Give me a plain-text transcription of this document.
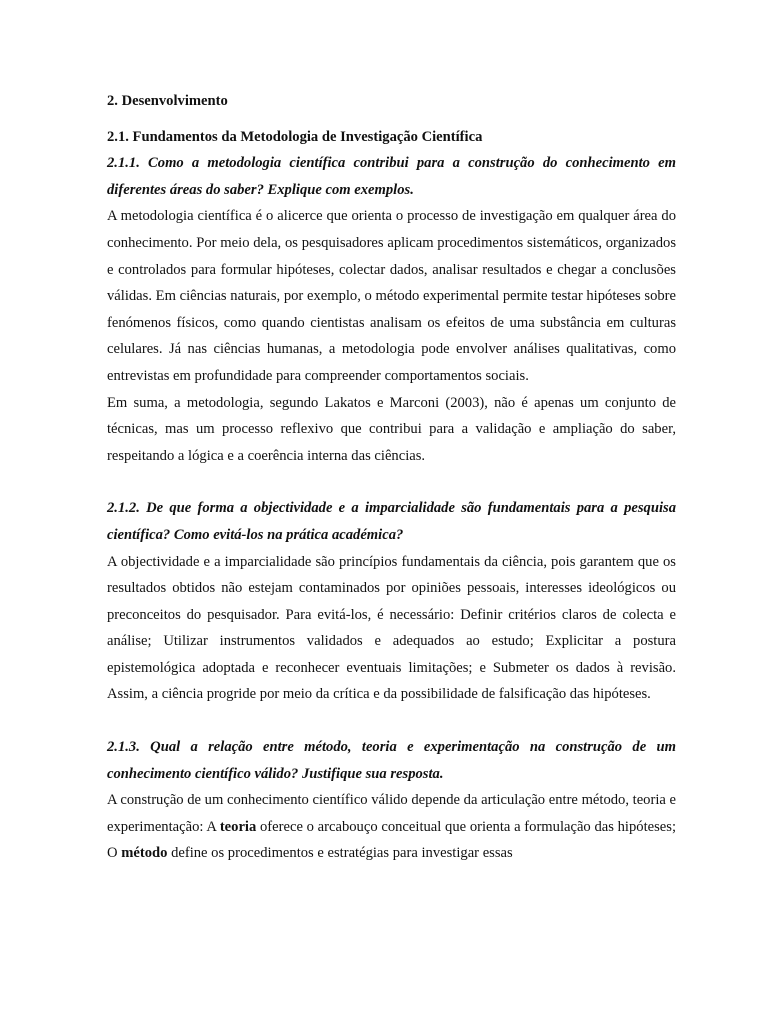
2. Desenvolvimento

2.1. Fundamentos da Metodologia de Investigação Científica

2.1.1. Como a metodologia científica contribui para a construção do conhecimento em diferentes áreas do saber? Explique com exemplos.

A metodologia científica é o alicerce que orienta o processo de investigação em qualquer área do conhecimento. Por meio dela, os pesquisadores aplicam procedimentos sistemáticos, organizados e controlados para formular hipóteses, colectar dados, analisar resultados e chegar a conclusões válidas. Em ciências naturais, por exemplo, o método experimental permite testar hipóteses sobre fenómenos físicos, como quando cientistas analisam os efeitos de uma substância em culturas celulares. Já nas ciências humanas, a metodologia pode envolver análises qualitativas, como entrevistas em profundidade para compreender comportamentos sociais.

Em suma, a metodologia, segundo Lakatos e Marconi (2003), não é apenas um conjunto de técnicas, mas um processo reflexivo que contribui para a validação e ampliação do saber, respeitando a lógica e a coerência interna das ciências.

2.1.2. De que forma a objectividade e a imparcialidade são fundamentais para a pesquisa científica? Como evitá-los na prática académica?

A objectividade e a imparcialidade são princípios fundamentais da ciência, pois garantem que os resultados obtidos não estejam contaminados por opiniões pessoais, interesses ideológicos ou preconceitos do pesquisador. Para evitá-los, é necessário: Definir critérios claros de colecta e análise; Utilizar instrumentos validados e adequados ao estudo; Explicitar a postura epistemológica adoptada e reconhecer eventuais limitações; e Submeter os dados à revisão. Assim, a ciência progride por meio da crítica e da possibilidade de falsificação das hipóteses.

2.1.3. Qual a relação entre método, teoria e experimentação na construção de um conhecimento científico válido? Justifique sua resposta.

A construção de um conhecimento científico válido depende da articulação entre método, teoria e experimentação: A teoria oferece o arcabouço conceitual que orienta a formulação das hipóteses; O método define os procedimentos e estratégias para investigar essas
